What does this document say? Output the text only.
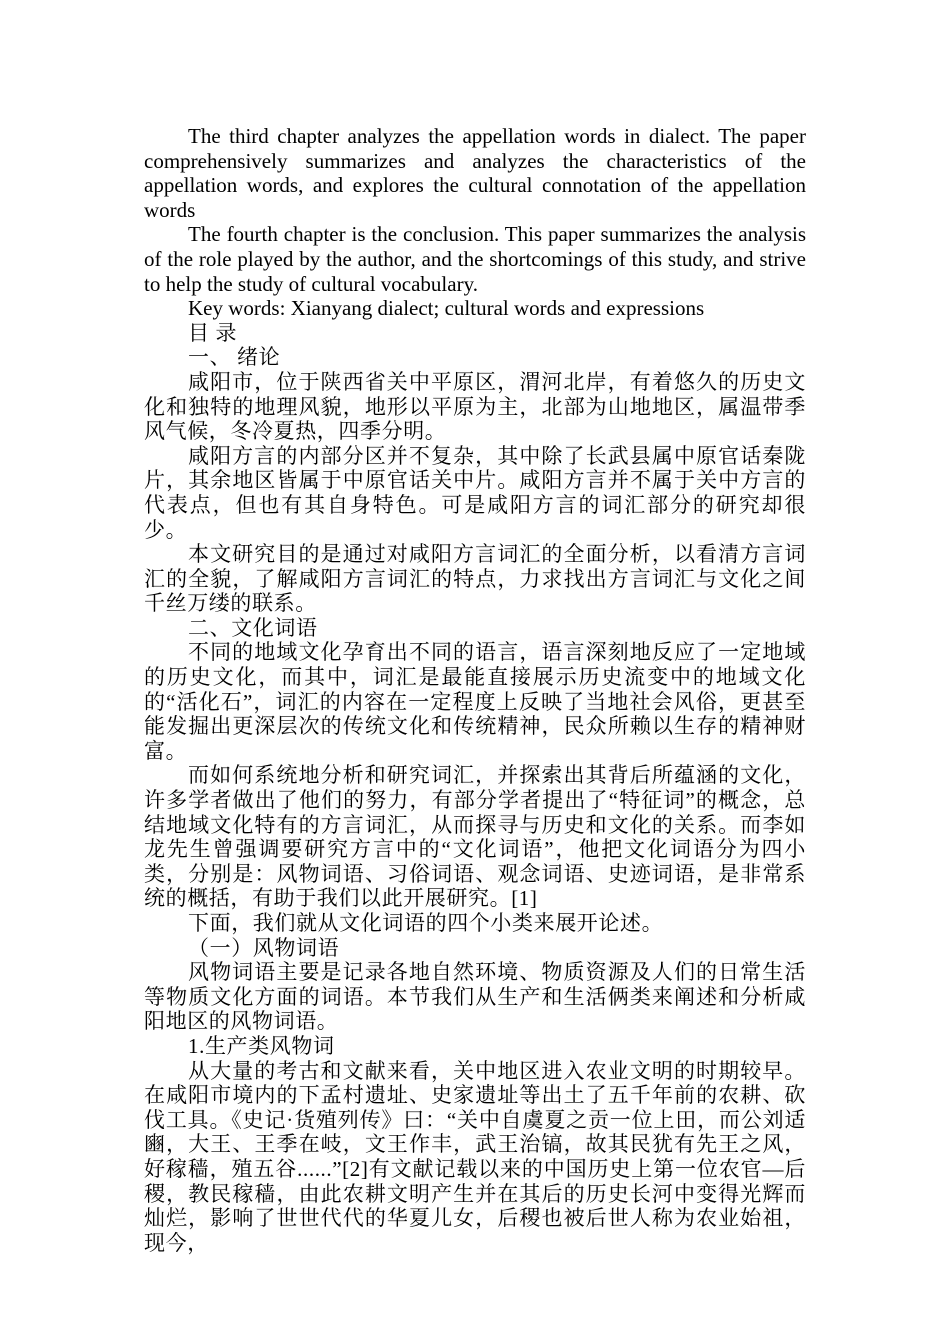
The third chapter analyzes the appellation words in dialect. The paper comprehensively summarizes and analyzes the characteristics of the appellation words, and explores the cultural connotation of the appellation words

The fourth chapter is the conclusion. This paper summarizes the analysis of the role played by the author, and the shortcomings of this study, and strive to help the study of cultural vocabulary.

Key words: Xianyang dialect; cultural words and expressions

目 录

一、 绪论

咸阳市，位于陕西省关中平原区，渭河北岸，有着悠久的历史文化和独特的地理风貌，地形以平原为主，北部为山地地区，属温带季风气候，冬冷夏热，四季分明。

咸阳方言的内部分区并不复杂，其中除了长武县属中原官话秦陇片，其余地区皆属于中原官话关中片。咸阳方言并不属于关中方言的代表点，但也有其自身特色。可是咸阳方言的词汇部分的研究却很少。

本文研究目的是通过对咸阳方言词汇的全面分析，以看清方言词汇的全貌，了解咸阳方言词汇的特点，力求找出方言词汇与文化之间千丝万缕的联系。

二、文化词语

不同的地域文化孕育出不同的语言，语言深刻地反应了一定地域的历史文化，而其中，词汇是最能直接展示历史流变中的地域文化的“活化石”，词汇的内容在一定程度上反映了当地社会风俗，更甚至能发掘出更深层次的传统文化和传统精神，民众所赖以生存的精神财富。

而如何系统地分析和研究词汇，并探索出其背后所蕴涵的文化，许多学者做出了他们的努力，有部分学者提出了“特征词”的概念，总结地域文化特有的方言词汇，从而探寻与历史和文化的关系。而李如龙先生曾强调要研究方言中的“文化词语”，他把文化词语分为四小类，分别是：风物词语、习俗词语、观念词语、史迹词语，是非常系统的概括，有助于我们以此开展研究。[1]

下面，我们就从文化词语的四个小类来展开论述。

（一）风物词语

风物词语主要是记录各地自然环境、物质资源及人们的日常生活等物质文化方面的词语。本节我们从生产和生活俩类来阐述和分析咸阳地区的风物词语。

1.生产类风物词

从大量的考古和文献来看，关中地区进入农业文明的时期较早。在咸阳市境内的下孟村遗址、史家遗址等出土了五千年前的农耕、砍伐工具。《史记·货殖列传》曰：“关中自虞夏之贡一位上田，而公刘适豳，大王、王季在岐，文王作丰，武王治镐，故其民犹有先王之风，好稼穑，殖五谷......”[2]有文献记载以来的中国历史上第一位农官—后稷，教民稼穑，由此农耕文明产生并在其后的历史长河中变得光辉而灿烂，影响了世世代代的华夏儿女，后稷也被后世人称为农业始祖，现今，
